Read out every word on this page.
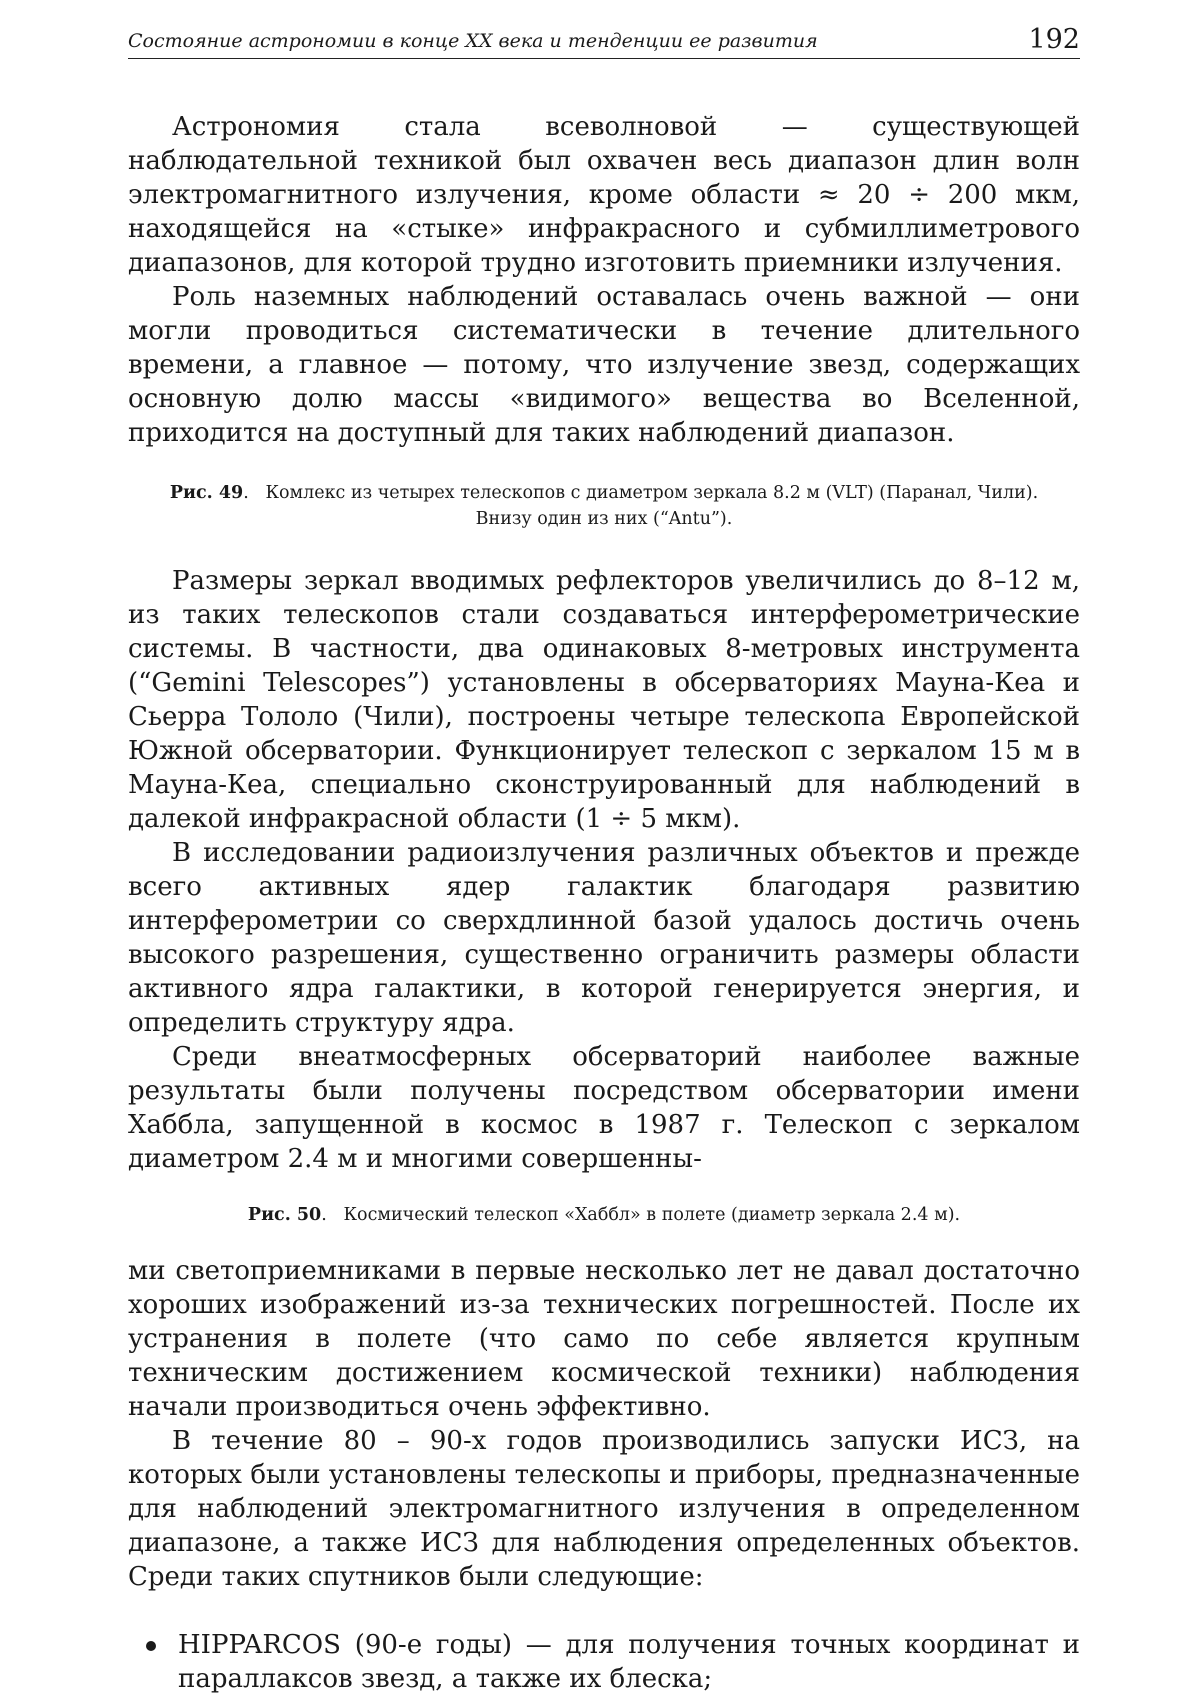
Состояние астрономии в конце XX века и тенденции ее развития	192

Астрономия стала всеволновой — существующей наблюдательной техникой был охвачен весь диапазон длин волн электромагнитного излучения, кроме области ≈ 20 ÷ 200 мкм, находящейся на «стыке» инфракрасного и субмиллиметрового диапазонов, для которой трудно изготовить приемники излучения.

Роль наземных наблюдений оставалась очень важной — они могли проводиться систематически в течение длительного времени, а главное — потому, что излучение звезд, содержащих основную долю массы «видимого» вещества во Вселенной, приходится на доступный для таких наблюдений диапазон.

Рис. 49.   Комлекс из четырех телескопов с диаметром зеркала 8.2 м (VLT) (Паранал, Чили).
Внизу один из них (“Antu”).

Размеры зеркал вводимых рефлекторов увеличились до 8–12 м, из таких телескопов стали создаваться интерферометрические системы. В частности, два одинаковых 8-метровых инструмента (“Gemini Telescopes”) установлены в обсерваториях Мауна-Кеа и Сьерра Тололо (Чили), построены четыре телескопа Европейской Южной обсерватории. Функционирует телескоп с зеркалом 15 м в Мауна-Кеа, специально сконструированный для наблюдений в далекой инфракрасной области (1 ÷ 5 мкм).

В исследовании радиоизлучения различных объектов и прежде всего активных ядер галактик благодаря развитию интерферометрии со сверхдлинной базой удалось достичь очень высокого разрешения, существенно ограничить размеры области активного ядра галактики, в которой генерируется энергия, и определить структуру ядра.

Среди внеатмосферных обсерваторий наиболее важные результаты были получены посредством обсерватории имени Хаббла, запущенной в космос в 1987 г. Телескоп с зеркалом диаметром 2.4 м и многими совершенны-

Рис. 50.   Космический телескоп «Хаббл» в полете (диаметр зеркала 2.4 м).

ми светоприемниками в первые несколько лет не давал достаточно хороших изображений из-за технических погрешностей. После их устранения в полете (что само по себе является крупным техническим достижением космической техники) наблюдения начали производиться очень эффективно.

В течение 80 – 90-х годов производились запуски ИСЗ, на которых были установлены телескопы и приборы, предназначенные для наблюдений электромагнитного излучения в определенном диапазоне, а также ИСЗ для наблюдения определенных объектов. Среди таких спутников были следующие:

HIPPARCOS (90-е годы) — для получения точных координат и параллаксов звезд, а также их блеска;
